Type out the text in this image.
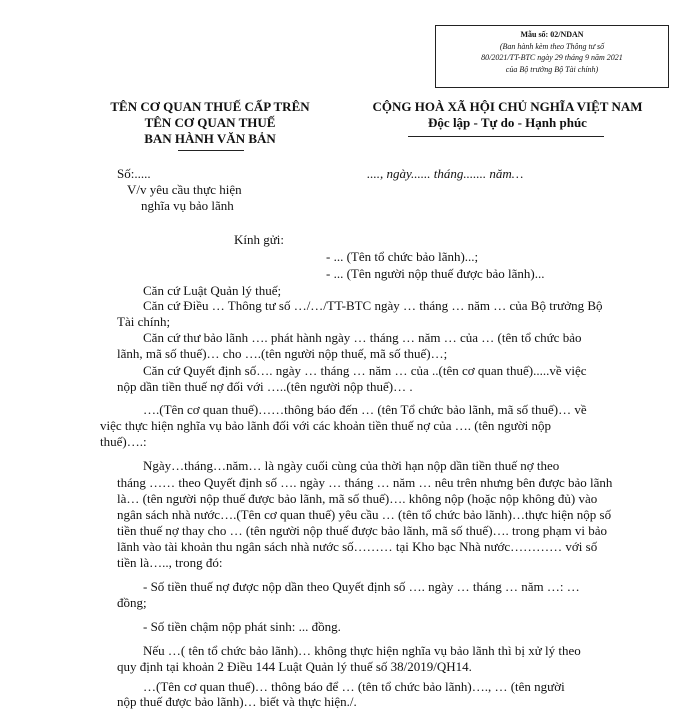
Mẫu số: 02/NDAN
(Ban hành kèm theo Thông tư số
80/2021/TT-BTC ngày 29 tháng 9 năm 2021
của Bộ trưởng Bộ Tài chính)
TÊN CƠ QUAN THUẾ CẤP TRÊN
TÊN CƠ QUAN THUẾ
BAN HÀNH VĂN BẢN
CỘNG HOÀ XÃ HỘI CHỦ NGHĨA VIỆT NAM
Độc lập - Tự do - Hạnh phúc
Số:.....	...., ngày...... tháng....... năm…
V/v yêu cầu thực hiện
nghĩa vụ bảo lãnh
Kính gửi:
- ... (Tên tổ chức bảo lãnh)...;
- ... (Tên người nộp thuế được bảo lãnh)...
Căn cứ Luật Quản lý thuế;
Căn cứ Điều … Thông tư số …/…/TT-BTC ngày … tháng … năm … của Bộ trưởng Bộ
Tài chính;
Căn cứ thư bảo lãnh …. phát hành ngày … tháng … năm … của … (tên tổ chức bảo
lãnh, mã số thuế)… cho ….(tên người nộp thuế, mã số thuế)…;
Căn cứ Quyết định số…. ngày … tháng … năm … của ..(tên cơ quan thuế).....về việc
nộp dần tiền thuế nợ đối với …..(tên người nộp thuế)… .
….(Tên cơ quan thuế)……thông báo đến … (tên Tổ chức bảo lãnh, mã số thuế)… về
việc thực hiện nghĩa vụ bảo lãnh đối với các khoản tiền thuế nợ của …. (tên người nộp
thuế)….:
Ngày…tháng…năm… là ngày cuối cùng của thời hạn nộp dần tiền thuế nợ theo
tháng …… theo Quyết định số …. ngày … tháng … năm … nêu trên nhưng bên được bảo lãnh
là… (tên người nộp thuế được bảo lãnh, mã số thuế)…. không nộp (hoặc nộp không đủ) vào
ngân sách nhà nước….(Tên cơ quan thuế) yêu cầu … (tên tổ chức bảo lãnh)…thực hiện nộp số
tiền thuế nợ thay cho … (tên người nộp thuế được bảo lãnh, mã số thuế)…. trong phạm vi bảo
lãnh vào tài khoản thu ngân sách nhà nước số……… tại Kho bạc Nhà nước………… với số
tiền là….., trong đó:
- Số tiền thuế nợ được nộp dần theo Quyết định số …. ngày … tháng … năm …: …
đồng;
- Số tiền chậm nộp phát sinh: ... đồng.
Nếu …( tên tổ chức bảo lãnh)… không thực hiện nghĩa vụ bảo lãnh thì bị xử lý theo
quy định tại khoản 2 Điều 144 Luật Quản lý thuế số 38/2019/QH14.
…(Tên cơ quan thuế)… thông báo để … (tên tổ chức bảo lãnh)…., … (tên người
nộp thuế được bảo lãnh)… biết và thực hiện./.
